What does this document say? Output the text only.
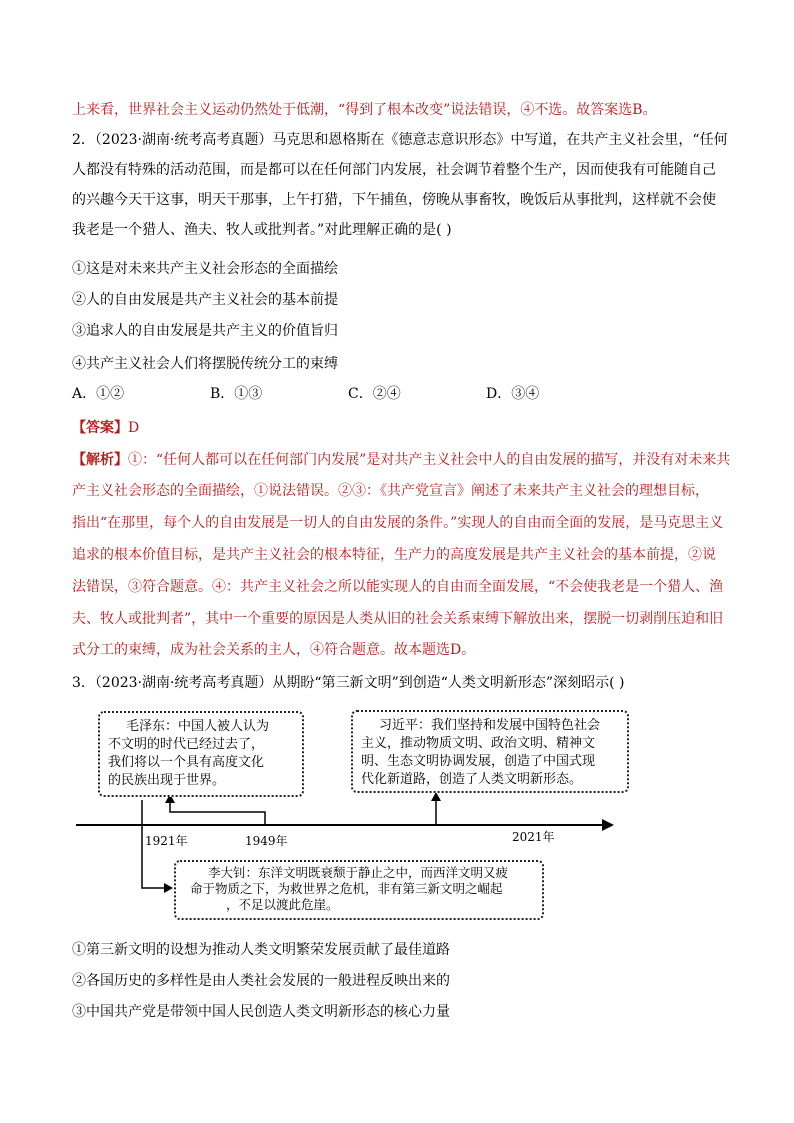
上来看，世界社会主义运动仍然处于低潮，“得到了根本改变”说法错误，④不选。故答案选B。
2．（2023·湖南·统考高考真题）马克思和恩格斯在《德意志意识形态》中写道，在共产主义社会里，“任何
人都没有特殊的活动范围，而是都可以在任何部门内发展，社会调节着整个生产，因而使我有可能随自己
的兴趣今天干这事，明天干那事，上午打猎，下午捕鱼，傍晚从事畜牧，晚饭后从事批判，这样就不会使
我老是一个猎人、渔夫、牧人或批判者。”对此理解正确的是( )
①这是对未来共产主义社会形态的全面描绘
②人的自由发展是共产主义社会的基本前提
③追求人的自由发展是共产主义的价值旨归
④共产主义社会人们将摆脱传统分工的束缚
A．①②	B．①③	C．②④	D．③④
【答案】D
【解析】①：“任何人都可以在任何部门内发展”是对共产主义社会中人的自由发展的描写，并没有对未来共
产主义社会形态的全面描绘，①说法错误。②③：《共产党宣言》阐述了未来共产主义社会的理想目标，
指出“在那里，每个人的自由发展是一切人的自由发展的条件。”实现人的自由而全面的发展，是马克思主义
追求的根本价值目标，是共产主义社会的根本特征，生产力的高度发展是共产主义社会的基本前提，②说
法错误，③符合题意。④：共产主义社会之所以能实现人的自由而全面发展，“不会使我老是一个猎人、渔
夫、牧人或批判者”，其中一个重要的原因是人类从旧的社会关系束缚下解放出来，摆脱一切剥削压迫和旧
式分工的束缚，成为社会关系的主人，④符合题意。故本题选D。
3．（2023·湖南·统考高考真题）从期盼“第三新文明”到创造“人类文明新形态”深刻昭示( )
毛泽东：中国人被人认为
不文明的时代已经过去了，
我们将以一个具有高度文化
的民族出现于世界。
习近平：我们坚持和发展中国特色社会
主义，推动物质文明、政治文明、精神文
明、生态文明协调发展，创造了中国式现
代化新道路，创造了人类文明新形态。
1921年	1949年	2021年
李大钊：东洋文明既衰颓于静止之中，而西洋文明又疲
命于物质之下，为救世界之危机，非有第三新文明之崛起
，不足以渡此危崖。
①第三新文明的设想为推动人类文明繁荣发展贡献了最佳道路
②各国历史的多样性是由人类社会发展的一般进程反映出来的
③中国共产党是带领中国人民创造人类文明新形态的核心力量
